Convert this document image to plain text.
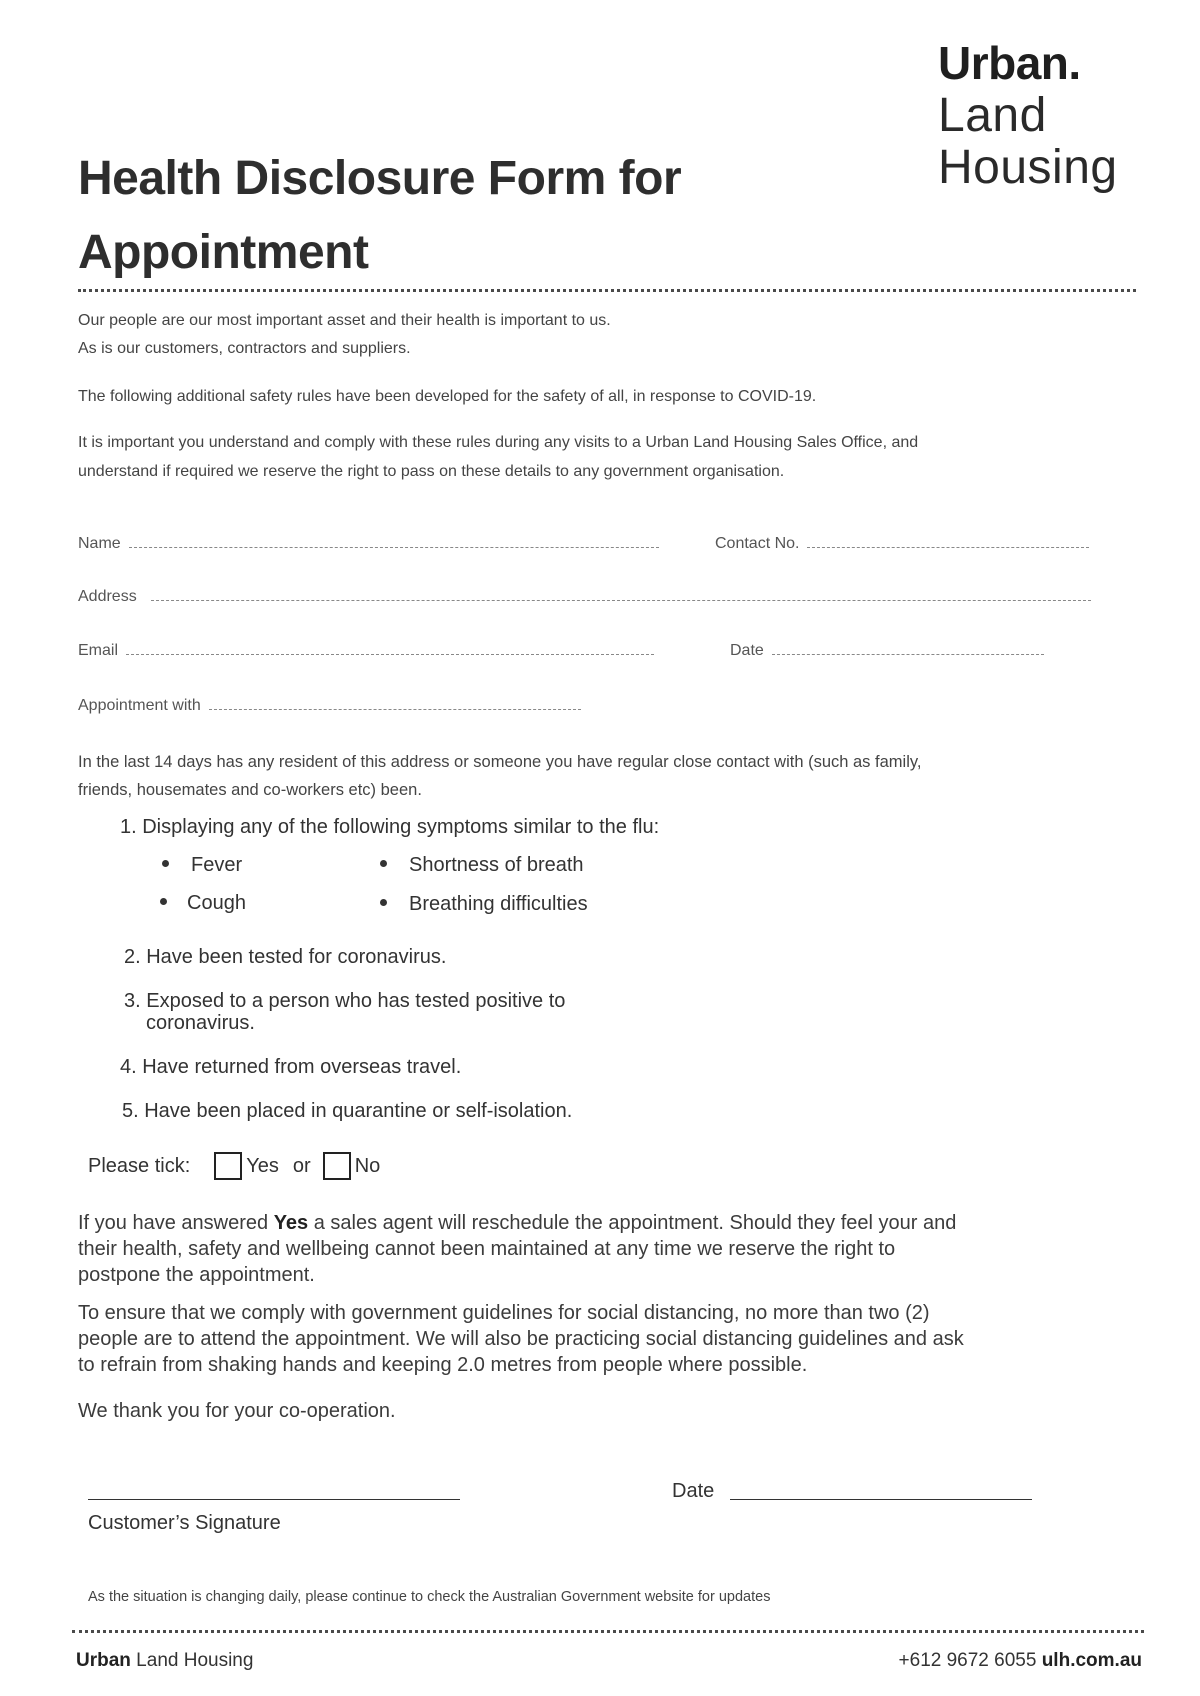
Urban.
Land
Housing
Health Disclosure Form for
Appointment
Our people are our most important asset and their health is important to us.
As is our customers, contractors and suppliers.
The following additional safety rules have been developed for the safety of all, in response to COVID-19.
It is important you understand and comply with these rules during any visits to a Urban Land Housing Sales Office, and
understand if required we reserve the right to pass on these details to any government organisation.
Name	Contact No.
Address
Email	Date
Appointment with
In the last 14 days has any resident of this address or someone you have regular close contact with (such as family,
friends, housemates and co-workers etc) been.
1. Displaying any of the following symptoms similar to the flu:
Fever	Shortness of breath
Cough	Breathing difficulties
2. Have been tested for coronavirus.
3. Exposed to a person who has tested positive to
coronavirus.
4. Have returned from overseas travel.
5. Have been placed in quarantine or self-isolation.
Please tick:	Yes or No
If you have answered Yes a sales agent will reschedule the appointment. Should they feel your and
their health, safety and wellbeing cannot been maintained at any time we reserve the right to
postpone the appointment.
To ensure that we comply with government guidelines for social distancing, no more than two (2)
people are to attend the appointment. We will also be practicing social distancing guidelines and ask
to refrain from shaking hands and keeping 2.0 metres from people where possible.
We thank you for your co-operation.
Customer’s Signature
Date
As the situation is changing daily, please continue to check the Australian Government website for updates
Urban Land Housing	+612 9672 6055 ulh.com.au
